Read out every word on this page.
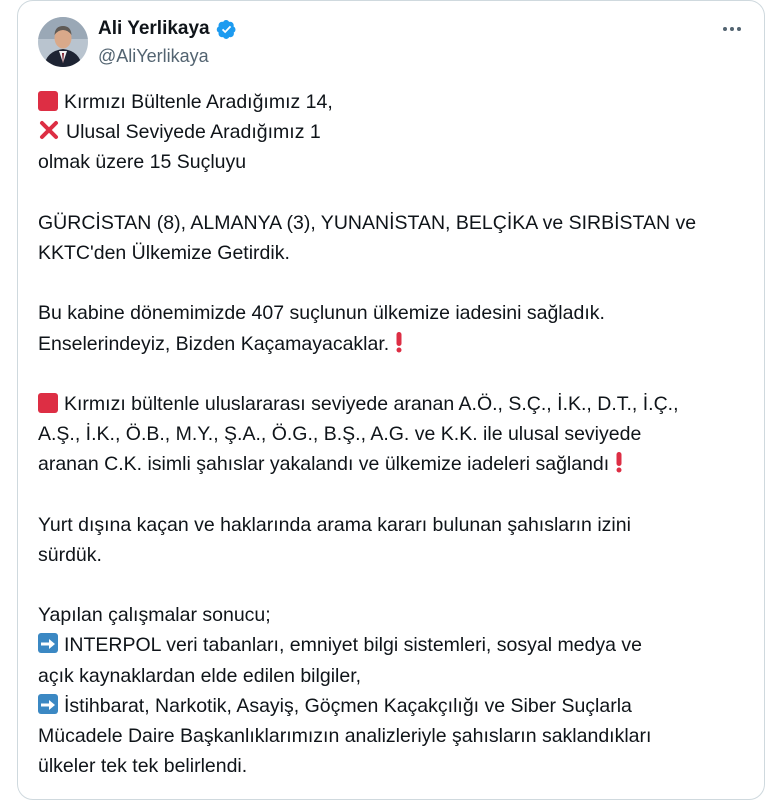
Ali Yerlikaya
@AliYerlikaya
Kırmızı Bültenle Aradığımız 14,
Ulusal Seviyede Aradığımız 1
olmak üzere 15 Suçluyu
GÜRCİSTAN (8), ALMANYA (3), YUNANİSTAN, BELÇİKA ve SIRBİSTAN ve
KKTC'den Ülkemize Getirdik.
Bu kabine dönemimizde 407 suçlunun ülkemize iadesini sağladık.
Enselerindeyiz, Bizden Kaçamayacaklar.
Kırmızı bültenle uluslararası seviyede aranan A.Ö., S.Ç., İ.K., D.T., İ.Ç.,
A.Ş., İ.K., Ö.B., M.Y., Ş.A., Ö.G., B.Ş., A.G. ve K.K. ile ulusal seviyede
aranan C.K. isimli şahıslar yakalandı ve ülkemize iadeleri sağlandı
Yurt dışına kaçan ve haklarında arama kararı bulunan şahısların izini
sürdük.
Yapılan çalışmalar sonucu;
INTERPOL veri tabanları, emniyet bilgi sistemleri, sosyal medya ve
açık kaynaklardan elde edilen bilgiler,
İstihbarat, Narkotik, Asayiş, Göçmen Kaçakçılığı ve Siber Suçlarla
Mücadele Daire Başkanlıklarımızın analizleriyle şahısların saklandıkları
ülkeler tek tek belirlendi.
